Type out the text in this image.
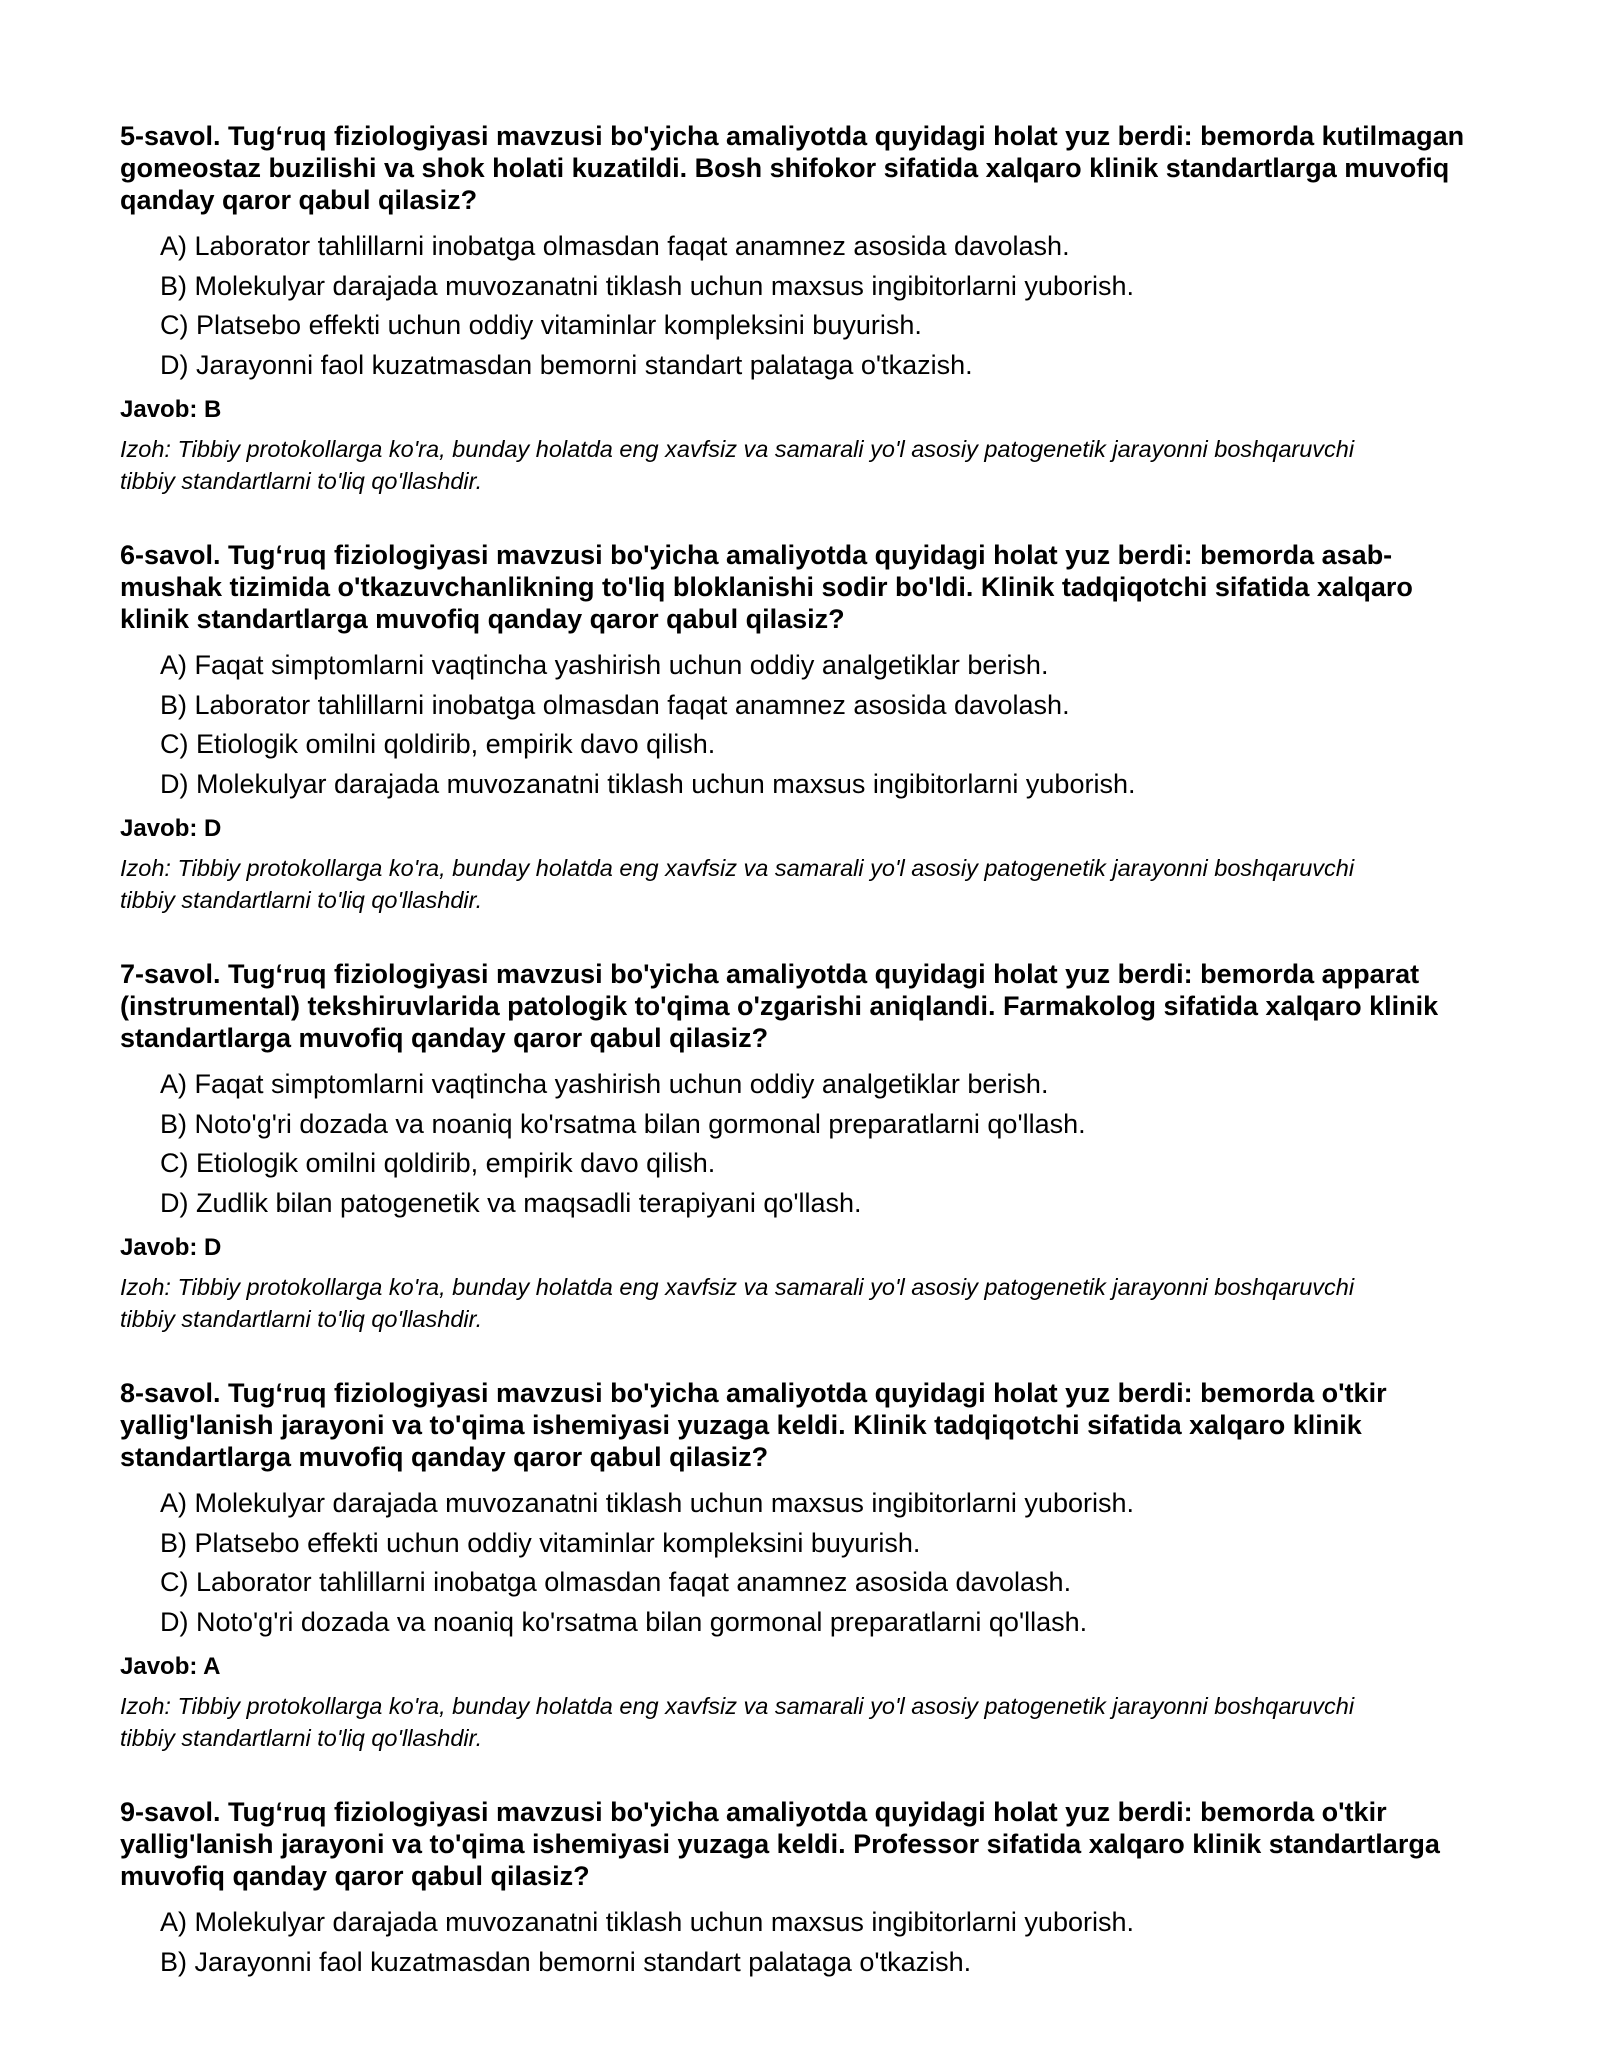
5-savol. Tug‘ruq fiziologiyasi mavzusi bo'yicha amaliyotda quyidagi holat yuz berdi: bemorda kutilmagan gomeostaz buzilishi va shok holati kuzatildi. Bosh shifokor sifatida xalqaro klinik standartlarga muvofiq qanday qaror qabul qilasiz?

A) Laborator tahlillarni inobatga olmasdan faqat anamnez asosida davolash.
B) Molekulyar darajada muvozanatni tiklash uchun maxsus ingibitorlarni yuborish.
C) Platsebo effekti uchun oddiy vitaminlar kompleksini buyurish.
D) Jarayonni faol kuzatmasdan bemorni standart palataga o'tkazish.

Javob: B

Izoh: Tibbiy protokollarga ko'ra, bunday holatda eng xavfsiz va samarali yo'l asosiy patogenetik jarayonni boshqaruvchi tibbiy standartlarni to'liq qo'llashdir.

6-savol. Tug‘ruq fiziologiyasi mavzusi bo'yicha amaliyotda quyidagi holat yuz berdi: bemorda asab-mushak tizimida o'tkazuvchanlikning to'liq bloklanishi sodir bo'ldi. Klinik tadqiqotchi sifatida xalqaro klinik standartlarga muvofiq qanday qaror qabul qilasiz?

A) Faqat simptomlarni vaqtincha yashirish uchun oddiy analgetiklar berish.
B) Laborator tahlillarni inobatga olmasdan faqat anamnez asosida davolash.
C) Etiologik omilni qoldirib, empirik davo qilish.
D) Molekulyar darajada muvozanatni tiklash uchun maxsus ingibitorlarni yuborish.

Javob: D

Izoh: Tibbiy protokollarga ko'ra, bunday holatda eng xavfsiz va samarali yo'l asosiy patogenetik jarayonni boshqaruvchi tibbiy standartlarni to'liq qo'llashdir.

7-savol. Tug‘ruq fiziologiyasi mavzusi bo'yicha amaliyotda quyidagi holat yuz berdi: bemorda apparat (instrumental) tekshiruvlarida patologik to'qima o'zgarishi aniqlandi. Farmakolog sifatida xalqaro klinik standartlarga muvofiq qanday qaror qabul qilasiz?

A) Faqat simptomlarni vaqtincha yashirish uchun oddiy analgetiklar berish.
B) Noto'g'ri dozada va noaniq ko'rsatma bilan gormonal preparatlarni qo'llash.
C) Etiologik omilni qoldirib, empirik davo qilish.
D) Zudlik bilan patogenetik va maqsadli terapiyani qo'llash.

Javob: D

Izoh: Tibbiy protokollarga ko'ra, bunday holatda eng xavfsiz va samarali yo'l asosiy patogenetik jarayonni boshqaruvchi tibbiy standartlarni to'liq qo'llashdir.

8-savol. Tug‘ruq fiziologiyasi mavzusi bo'yicha amaliyotda quyidagi holat yuz berdi: bemorda o'tkir yallig'lanish jarayoni va to'qima ishemiyasi yuzaga keldi. Klinik tadqiqotchi sifatida xalqaro klinik standartlarga muvofiq qanday qaror qabul qilasiz?

A) Molekulyar darajada muvozanatni tiklash uchun maxsus ingibitorlarni yuborish.
B) Platsebo effekti uchun oddiy vitaminlar kompleksini buyurish.
C) Laborator tahlillarni inobatga olmasdan faqat anamnez asosida davolash.
D) Noto'g'ri dozada va noaniq ko'rsatma bilan gormonal preparatlarni qo'llash.

Javob: A

Izoh: Tibbiy protokollarga ko'ra, bunday holatda eng xavfsiz va samarali yo'l asosiy patogenetik jarayonni boshqaruvchi tibbiy standartlarni to'liq qo'llashdir.

9-savol. Tug‘ruq fiziologiyasi mavzusi bo'yicha amaliyotda quyidagi holat yuz berdi: bemorda o'tkir yallig'lanish jarayoni va to'qima ishemiyasi yuzaga keldi. Professor sifatida xalqaro klinik standartlarga muvofiq qanday qaror qabul qilasiz?

A) Molekulyar darajada muvozanatni tiklash uchun maxsus ingibitorlarni yuborish.
B) Jarayonni faol kuzatmasdan bemorni standart palataga o'tkazish.
